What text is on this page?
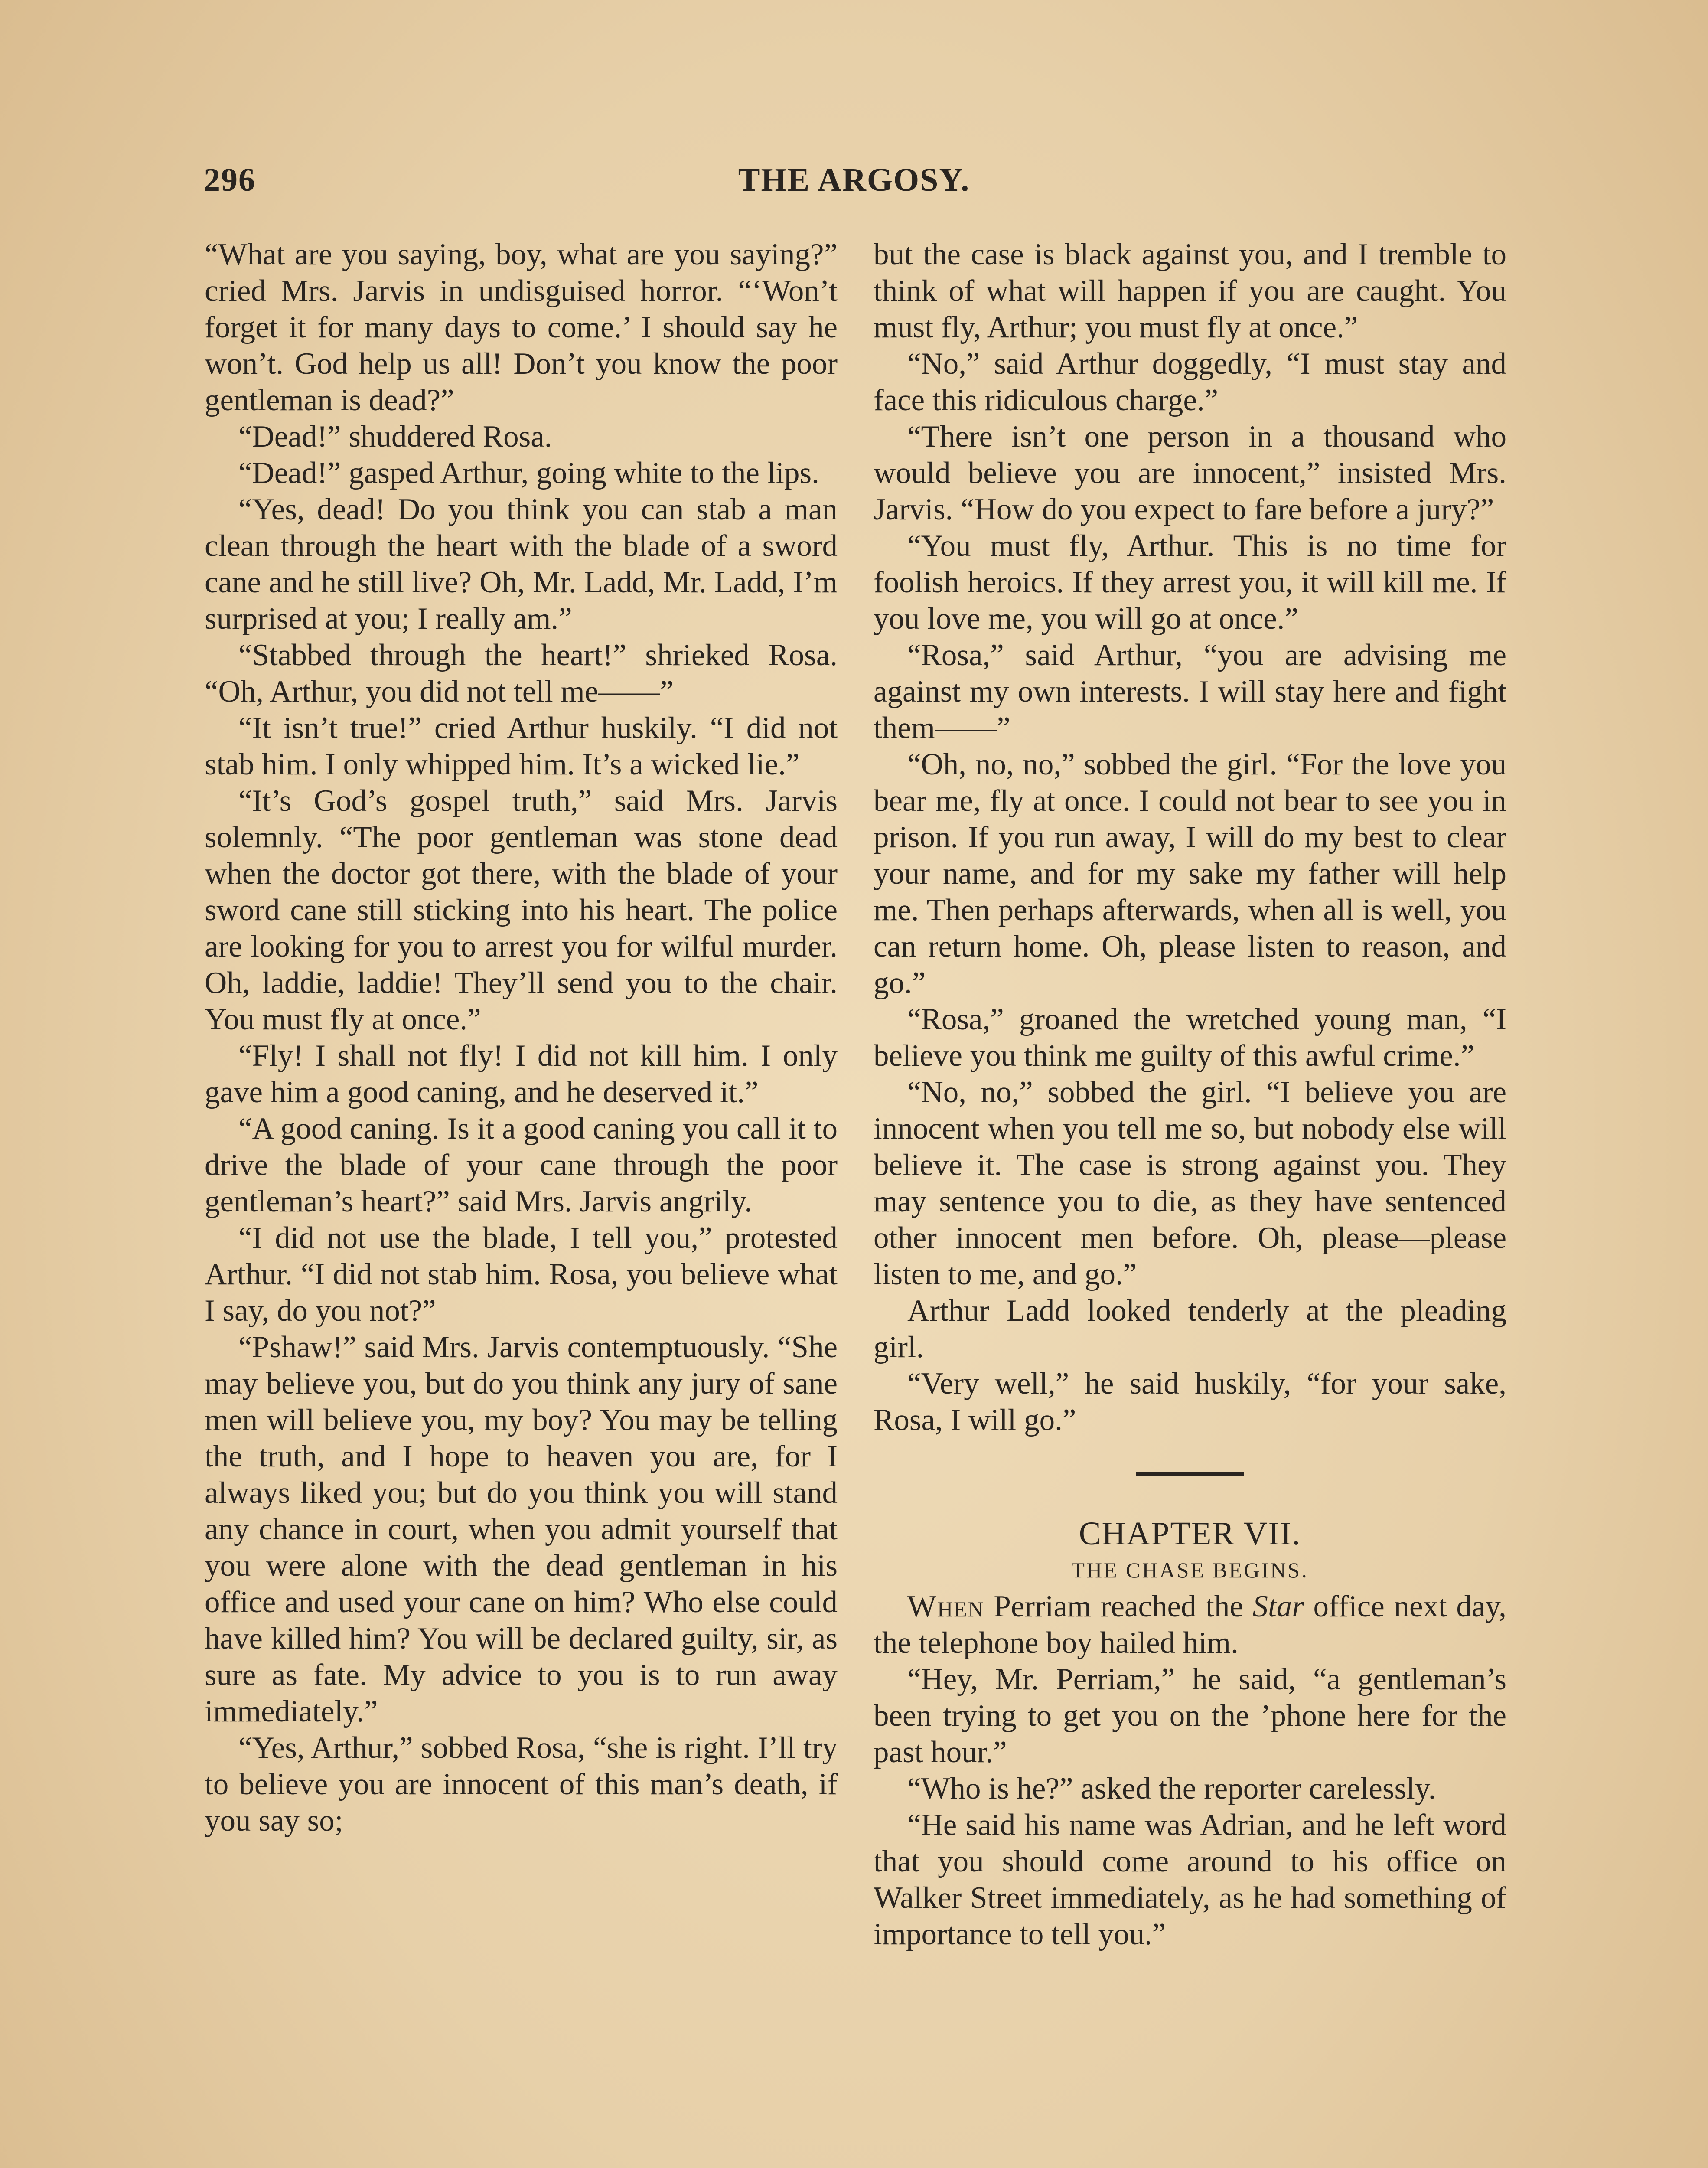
296	THE ARGOSY.

“What are you saying, boy, what are you saying?” cried Mrs. Jarvis in undisguised horror. “‘Won’t forget it for many days to come.’ I should say he won’t. God help us all! Don’t you know the poor gentleman is dead?”

“Dead!” shuddered Rosa.

“Dead!” gasped Arthur, going white to the lips.

“Yes, dead! Do you think you can stab a man clean through the heart with the blade of a sword cane and he still live? Oh, Mr. Ladd, Mr. Ladd, I’m surprised at you; I really am.”

“Stabbed through the heart!” shrieked Rosa. “Oh, Arthur, you did not tell me——”

“It isn’t true!” cried Arthur huskily. “I did not stab him. I only whipped him. It’s a wicked lie.”

“It’s God’s gospel truth,” said Mrs. Jarvis solemnly. “The poor gentleman was stone dead when the doctor got there, with the blade of your sword cane still sticking into his heart. The police are looking for you to arrest you for wilful murder. Oh, laddie, laddie! They’ll send you to the chair. You must fly at once.”

“Fly! I shall not fly! I did not kill him. I only gave him a good caning, and he deserved it.”

“A good caning. Is it a good caning you call it to drive the blade of your cane through the poor gentleman’s heart?” said Mrs. Jarvis angrily.

“I did not use the blade, I tell you,” protested Arthur. “I did not stab him. Rosa, you believe what I say, do you not?”

“Pshaw!” said Mrs. Jarvis contemptuously. “She may believe you, but do you think any jury of sane men will believe you, my boy? You may be telling the truth, and I hope to heaven you are, for I always liked you; but do you think you will stand any chance in court, when you admit yourself that you were alone with the dead gentleman in his office and used your cane on him? Who else could have killed him? You will be declared guilty, sir, as sure as fate. My advice to you is to run away immediately.”

“Yes, Arthur,” sobbed Rosa, “she is right. I’ll try to believe you are innocent of this man’s death, if you say so;

but the case is black against you, and I tremble to think of what will happen if you are caught. You must fly, Arthur; you must fly at once.”

“No,” said Arthur doggedly, “I must stay and face this ridiculous charge.”

“There isn’t one person in a thousand who would believe you are innocent,” insisted Mrs. Jarvis. “How do you expect to fare before a jury?”

“You must fly, Arthur. This is no time for foolish heroics. If they arrest you, it will kill me. If you love me, you will go at once.”

“Rosa,” said Arthur, “you are advising me against my own interests. I will stay here and fight them——”

“Oh, no, no,” sobbed the girl. “For the love you bear me, fly at once. I could not bear to see you in prison. If you run away, I will do my best to clear your name, and for my sake my father will help me. Then perhaps afterwards, when all is well, you can return home. Oh, please listen to reason, and go.”

“Rosa,” groaned the wretched young man, “I believe you think me guilty of this awful crime.”

“No, no,” sobbed the girl. “I believe you are innocent when you tell me so, but nobody else will believe it. The case is strong against you. They may sentence you to die, as they have sentenced other innocent men before. Oh, please—please listen to me, and go.”

Arthur Ladd looked tenderly at the pleading girl.

“Very well,” he said huskily, “for your sake, Rosa, I will go.”

CHAPTER VII.

THE CHASE BEGINS.

When Perriam reached the Star office next day, the telephone boy hailed him.

“Hey, Mr. Perriam,” he said, “a gentleman’s been trying to get you on the ’phone here for the past hour.”

“Who is he?” asked the reporter carelessly.

“He said his name was Adrian, and he left word that you should come around to his office on Walker Street immediately, as he had something of importance to tell you.”
